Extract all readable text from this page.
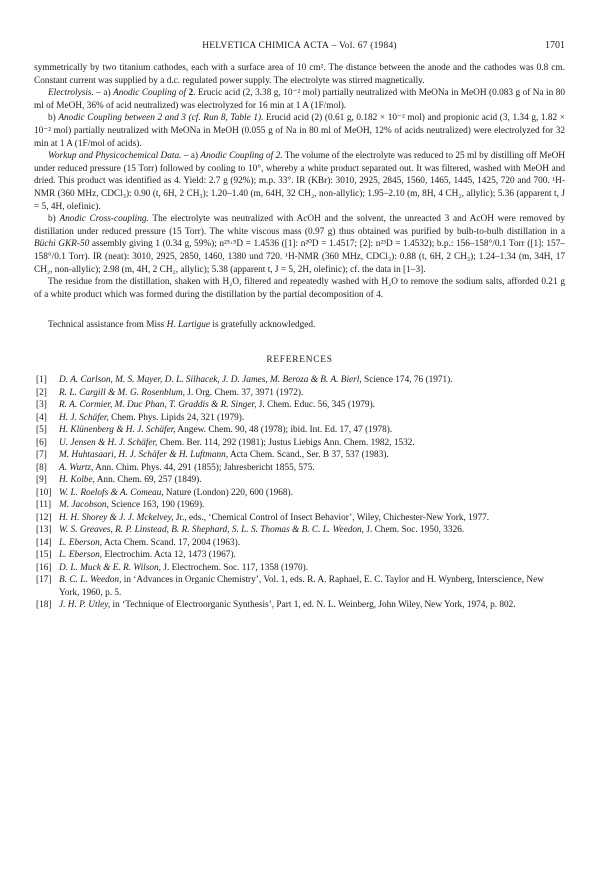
HELVETICA CHIMICA ACTA – Vol. 67 (1984)	1701

symmetrically by two titanium cathodes, each with a surface area of 10 cm². The distance between the anode and the cathodes was 0.8 cm. Constant current was supplied by a d.c. regulated power supply. The electrolyte was stirred magnetically.

Electrolysis. – a) Anodic Coupling of 2. Erucic acid (2, 3.38 g, 10⁻² mol) partially neutralized with MeONa in MeOH (0.083 g of Na in 80 ml of MeOH, 36% of acid neutralized) was electrolyzed for 16 min at 1 A (1F/mol).

b) Anodic Coupling between 2 and 3 (cf. Run 8, Table 1). Erucid acid (2) (0.61 g, 0.182 × 10⁻² mol) and propionic acid (3, 1.34 g, 1.82 × 10⁻² mol) partially neutralized with MeONa in MeOH (0.055 g of Na in 80 ml of MeOH, 12% of acids neutralized) were electrolyzed for 32 min at 1 A (1F/mol of acids).

Workup and Physicochemical Data. – a) Anodic Coupling of 2. The volume of the electrolyte was reduced to 25 ml by distilling off MeOH under reduced pressure (15 Torr) followed by cooling to 10°, whereby a white product separated out. It was filtered, washed with MeOH and dried. This product was identified as 4. Yield: 2.7 g (92%); m.p. 33°. IR (KBr): 3010, 2925, 2845, 1560, 1465, 1445, 1425, 720 and 700. ¹H-NMR (360 MHz, CDCl₃): 0.90 (t, 6H, 2 CH₃); 1.20–1.40 (m, 64H, 32 CH₂, non-allylic); 1.95–2.10 (m, 8H, 4 CH₂, allylic); 5.36 (apparent t, J = 5, 4H, olefinic).

b) Anodic Cross-coupling. The electrolyte was neutralized with AcOH and the solvent, the unreacted 3 and AcOH were removed by distillation under reduced pressure (15 Torr). The white viscous mass (0.97 g) thus obtained was purified by bulb-to-bulb distillation in a Büchi GKR-50 assembly giving 1 (0.34 g, 59%); n²⁵·⁵D = 1.4536 ([1]: n²⁰D = 1.4517; [2]: n²³D = 1.4532); b.p.: 156–158°/0.1 Torr ([1]: 157–158°/0.1 Torr). IR (neat): 3010, 2925, 2850, 1460, 1380 und 720. ¹H-NMR (360 MHz, CDCl₃): 0.88 (t, 6H, 2 CH₃); 1.24–1.34 (m, 34H, 17 CH₂, non-allylic); 2.98 (m, 4H, 2 CH₂, allylic); 5.38 (apparent t, J = 5, 2H, olefinic); cf. the data in [1–3].

The residue from the distillation, shaken with H₂O, filtered and repeatedly washed with H₂O to remove the sodium salts, afforded 0.21 g of a white product which was formed during the distillation by the partial decomposition of 4.

Technical assistance from Miss H. Lartigue is gratefully acknowledged.

REFERENCES

[1] D. A. Carlson, M. S. Mayer, D. L. Silhacek, J. D. James, M. Beroza & B. A. Bierl, Science 174, 76 (1971).
[2] R. L. Cargill & M. G. Rosenblum, J. Org. Chem. 37, 3971 (1972).
[3] R. A. Cormier, M. Duc Phan, T. Graddis & R. Singer, J. Chem. Educ. 56, 345 (1979).
[4] H. J. Schäfer, Chem. Phys. Lipids 24, 321 (1979).
[5] H. Klünenberg & H. J. Schäfer, Angew. Chem. 90, 48 (1978); ibid. Int. Ed. 17, 47 (1978).
[6] U. Jensen & H. J. Schäfer, Chem. Ber. 114, 292 (1981); Justus Liebigs Ann. Chem. 1982, 1532.
[7] M. Huhtasaari, H. J. Schäfer & H. Luftmann, Acta Chem. Scand., Ser. B 37, 537 (1983).
[8] A. Wurtz, Ann. Chim. Phys. 44, 291 (1855); Jahresbericht 1855, 575.
[9] H. Kolbe, Ann. Chem. 69, 257 (1849).
[10] W. L. Roelofs & A. Comeau, Nature (London) 220, 600 (1968).
[11] M. Jacobson, Science 163, 190 (1969).
[12] H. H. Shorey & J. J. Mckelvey, Jr., eds., ‘Chemical Control of Insect Behavior’, Wiley, Chichester-New York, 1977.
[13] W. S. Greaves, R. P. Linstead, B. R. Shephard, S. L. S. Thomas & B. C. L. Weedon, J. Chem. Soc. 1950, 3326.
[14] L. Eberson, Acta Chem. Scand. 17, 2004 (1963).
[15] L. Eberson, Electrochim. Acta 12, 1473 (1967).
[16] D. L. Muck & E. R. Wilson, J. Electrochem. Soc. 117, 1358 (1970).
[17] B. C. L. Weedon, in ‘Advances in Organic Chemistry’, Vol. 1, eds. R. A. Raphael, E. C. Taylor and H. Wynberg, Interscience, New York, 1960, p. 5.
[18] J. H. P. Utley, in ‘Technique of Electroorganic Synthesis’, Part 1, ed. N. L. Weinberg, John Wiley, New York, 1974, p. 802.
